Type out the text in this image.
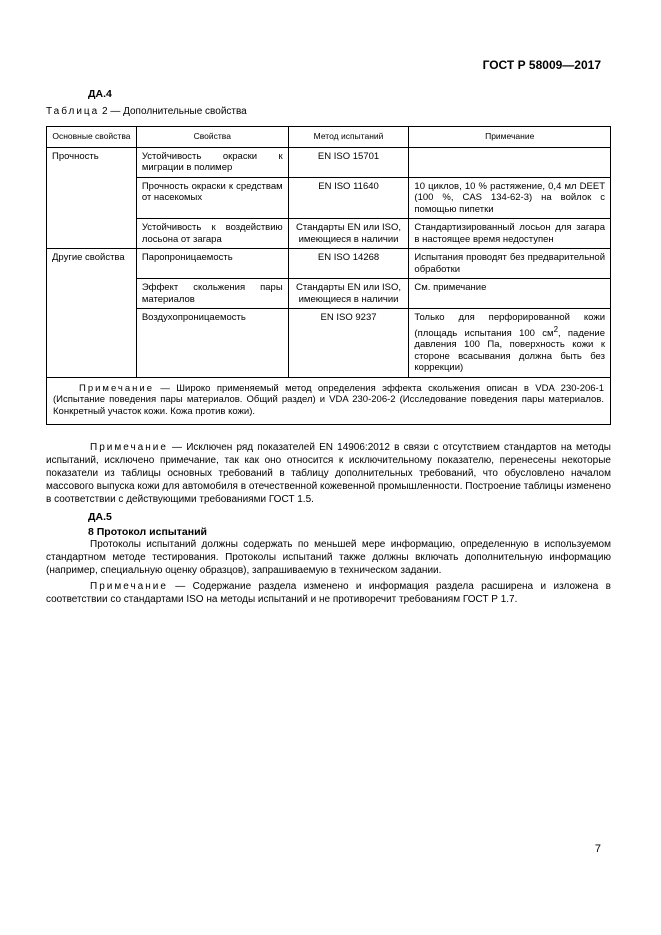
ГОСТ Р 58009—2017
ДА.4
Таблица 2 — Дополнительные свойства
Основные свойства	Свойства	Метод испытаний	Примечание
Прочность	Устойчивость окраски к миграции в полимер	EN ISO 15701	
	Прочность окраски к средствам от насекомых	EN ISO 11640	10 циклов, 10 % растяжение, 0,4 мл DEET (100 %, CAS 134-62-3) на войлок с помощью пипетки
	Устойчивость к воздействию лосьона от загара	Стандарты EN или ISO, имеющиеся в наличии	Стандартизированный лосьон для загара в настоящее время недоступен
Другие свойства	Паропроницаемость	EN ISO 14268	Испытания проводят без предварительной обработки
	Эффект скольжения пары материалов	Стандарты EN или ISO, имеющиеся в наличии	См. примечание
	Воздухопроницаемость	EN ISO 9237	Только для перфорированной кожи (площадь испытания 100 $см^2$, падение давления 100 Па, поверхность кожи к стороне всасывания должна быть без коррекции)
Примечание — Широко применяемый метод определения эффекта скольжения описан в VDA 230-206-1 (Испытание поведения пары материалов. Общий раздел) и VDA 230-206-2 (Исследование поведения пары материалов. Конкретный участок кожи. Кожа против кожи).			
Примечание — Исключен ряд показателей EN 14906:2012 в связи с отсутствием стандартов на методы испытаний, исключено примечание, так как оно относится к исключительному показателю, перенесены некоторые показатели из таблицы основных требований в таблицу дополнительных требований, что обусловлено началом массового выпуска кожи для автомобиля в отечественной кожевенной промышленности. Построение таблицы изменено в соответствии с действующими требованиями ГОСТ 1.5.
ДА.5
8 Протокол испытаний
Протоколы испытаний должны содержать по меньшей мере информацию, определенную в используемом стандартном методе тестирования. Протоколы испытаний также должны включать дополнительную информацию (например, специальную оценку образцов), запрашиваемую в техническом задании.
Примечание — Содержание раздела изменено и информация раздела расширена и изложена в соответствии со стандартами ISO на методы испытаний и не противоречит требованиям ГОСТ Р 1.7.
7
